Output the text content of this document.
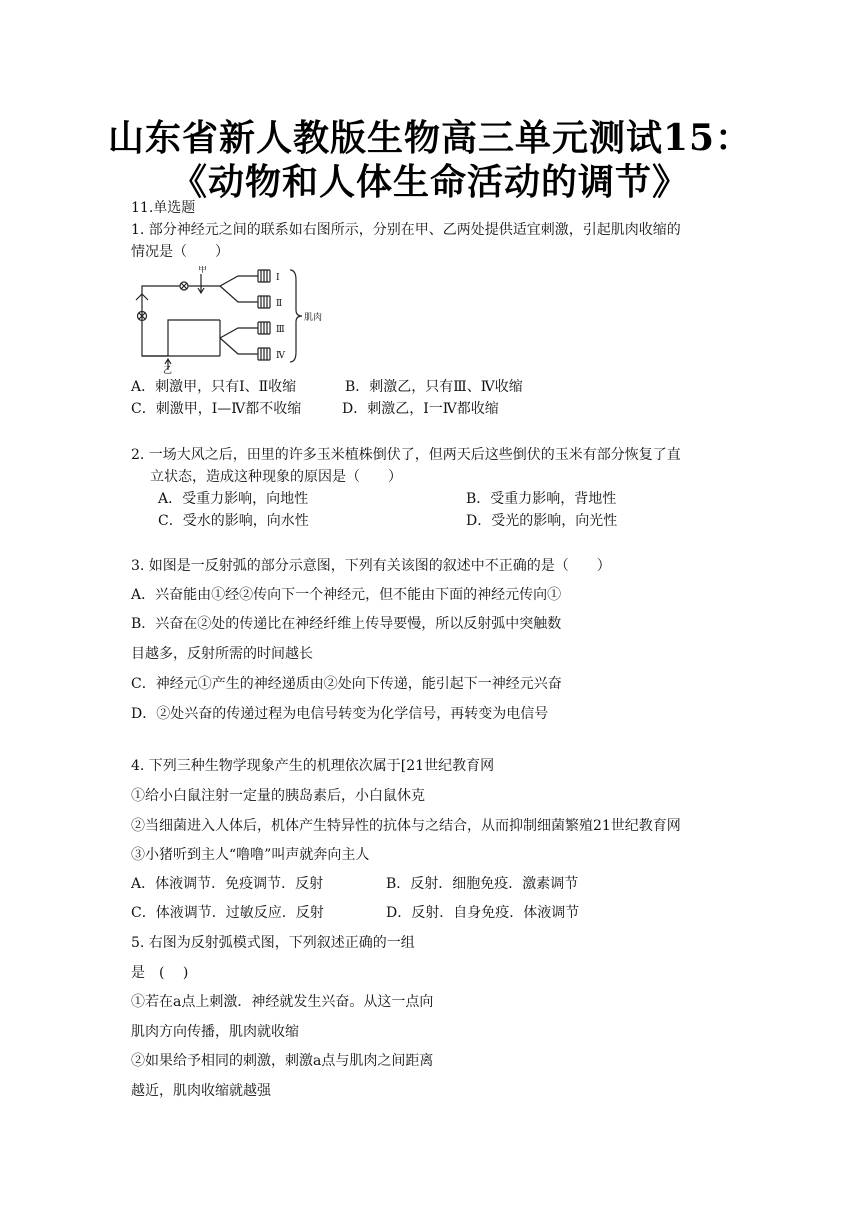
山东省新人教版生物高三单元测试15：
《动物和人体生命活动的调节》
11.单选题
1. 部分神经元之间的联系如右图所示，分别在甲、乙两处提供适宜刺激，引起肌肉收缩的
情况是（　　）
甲
乙
Ⅰ
Ⅱ
Ⅲ
Ⅳ
肌肉
A．刺激甲，只有Ⅰ、Ⅱ收缩	B．刺激乙，只有Ⅲ、Ⅳ收缩
C．刺激甲，Ⅰ—Ⅳ都不收缩	D．刺激乙，Ⅰ一Ⅳ都收缩
2. 一场大风之后，田里的许多玉米植株倒伏了，但两天后这些倒伏的玉米有部分恢复了直
立状态，造成这种现象的原因是（　　）
A．受重力影响，向地性	B．受重力影响，背地性
C．受水的影响，向水性	D．受光的影响，向光性
3. 如图是一反射弧的部分示意图，下列有关该图的叙述中不正确的是（　　）
A．兴奋能由①经②传向下一个神经元，但不能由下面的神经元传向①
B．兴奋在②处的传递比在神经纤维上传导要慢，所以反射弧中突触数
目越多，反射所需的时间越长
C．神经元①产生的神经递质由②处向下传递，能引起下一神经元兴奋
D．②处兴奋的传递过程为电信号转变为化学信号，再转变为电信号
4. 下列三种生物学现象产生的机理依次属于[21世纪教育网
①给小白鼠注射一定量的胰岛素后，小白鼠休克
②当细菌进入人体后，机体产生特异性的抗体与之结合，从而抑制细菌繁殖21世纪教育网
③小猪听到主人“噜噜”叫声就奔向主人
A．体液调节．免疫调节．反射	B．反射．细胞免疫．激素调节
C．体液调节．过敏反应．反射	D．反射．自身免疫．体液调节
5. 右图为反射弧模式图，下列叙述正确的一组
是　(　 )
①若在a点上刺激．神经就发生兴奋。从这一点向
肌肉方向传播，肌肉就收缩
②如果给予相同的刺激，刺激a点与肌肉之间距离
越近，肌肉收缩就越强
